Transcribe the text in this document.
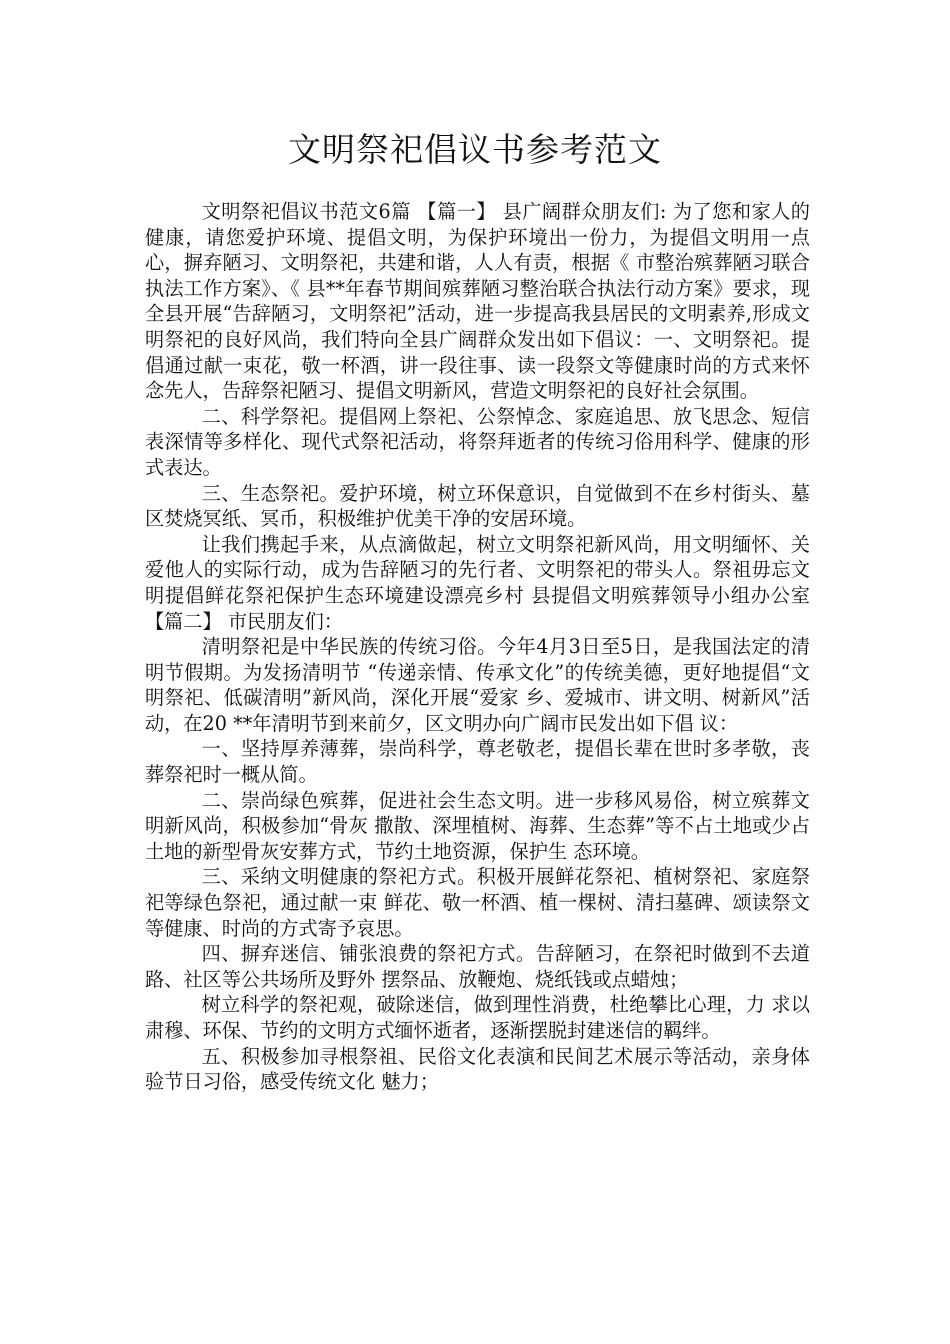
文明祭祀倡议书参考范文

文明祭祀倡议书范文6篇 【篇一】 县广阔群众朋友们: 为了您和家人的健康，请您爱护环境、提倡文明，为保护环境出一份力，为提倡文明用一点心，摒弃陋习、文明祭祀，共建和谐，人人有责，根据《 市整治殡葬陋习联合执法工作方案》、《 县**年春节期间殡葬陋习整治联合执法行动方案》要求，现全县开展“告辞陋习，文明祭祀”活动，进一步提高我县居民的文明素养,形成文明祭祀的良好风尚，我们特向全县广阔群众发出如下倡议：一、文明祭祀。提倡通过献一束花，敬一杯酒，讲一段往事、读一段祭文等健康时尚的方式来怀念先人，告辞祭祀陋习、提倡文明新风，营造文明祭祀的良好社会氛围。

二、科学祭祀。提倡网上祭祀、公祭悼念、家庭追思、放飞思念、短信表深情等多样化、现代式祭祀活动，将祭拜逝者的传统习俗用科学、健康的形式表达。

三、生态祭祀。爱护环境，树立环保意识，自觉做到不在乡村街头、墓区焚烧冥纸、冥币，积极维护优美干净的安居环境。

让我们携起手来，从点滴做起，树立文明祭祀新风尚，用文明缅怀、关爱他人的实际行动，成为告辞陋习的先行者、文明祭祀的带头人。祭祖毋忘文明提倡鲜花祭祀保护生态环境建设漂亮乡村 县提倡文明殡葬领导小组办公室 【篇二】 市民朋友们：

清明祭祀是中华民族的传统习俗。今年4月3日至5日，是我国法定的清明节假期。为发扬清明节 “传递亲情、传承文化”的传统美德，更好地提倡“文明祭祀、低碳清明”新风尚，深化开展“爱家 乡、爱城市、讲文明、树新风”活动，在20 **年清明节到来前夕，区文明办向广阔市民发出如下倡 议：

一、坚持厚养薄葬，崇尚科学，尊老敬老，提倡长辈在世时多孝敬，丧葬祭祀时一概从简。

二、崇尚绿色殡葬，促进社会生态文明。进一步移风易俗，树立殡葬文明新风尚，积极参加“骨灰 撒散、深埋植树、海葬、生态葬”等不占土地或少占土地的新型骨灰安葬方式，节约土地资源，保护生 态环境。

三、采纳文明健康的祭祀方式。积极开展鲜花祭祀、植树祭祀、家庭祭祀等绿色祭祀，通过献一束 鲜花、敬一杯酒、植一棵树、清扫墓碑、颂读祭文等健康、时尚的方式寄予哀思。

四、摒弃迷信、铺张浪费的祭祀方式。告辞陋习，在祭祀时做到不去道路、社区等公共场所及野外 摆祭品、放鞭炮、烧纸钱或点蜡烛；

树立科学的祭祀观，破除迷信，做到理性消费，杜绝攀比心理，力 求以肃穆、环保、节约的文明方式缅怀逝者，逐渐摆脱封建迷信的羁绊。

五、积极参加寻根祭祖、民俗文化表演和民间艺术展示等活动，亲身体验节日习俗，感受传统文化 魅力；
